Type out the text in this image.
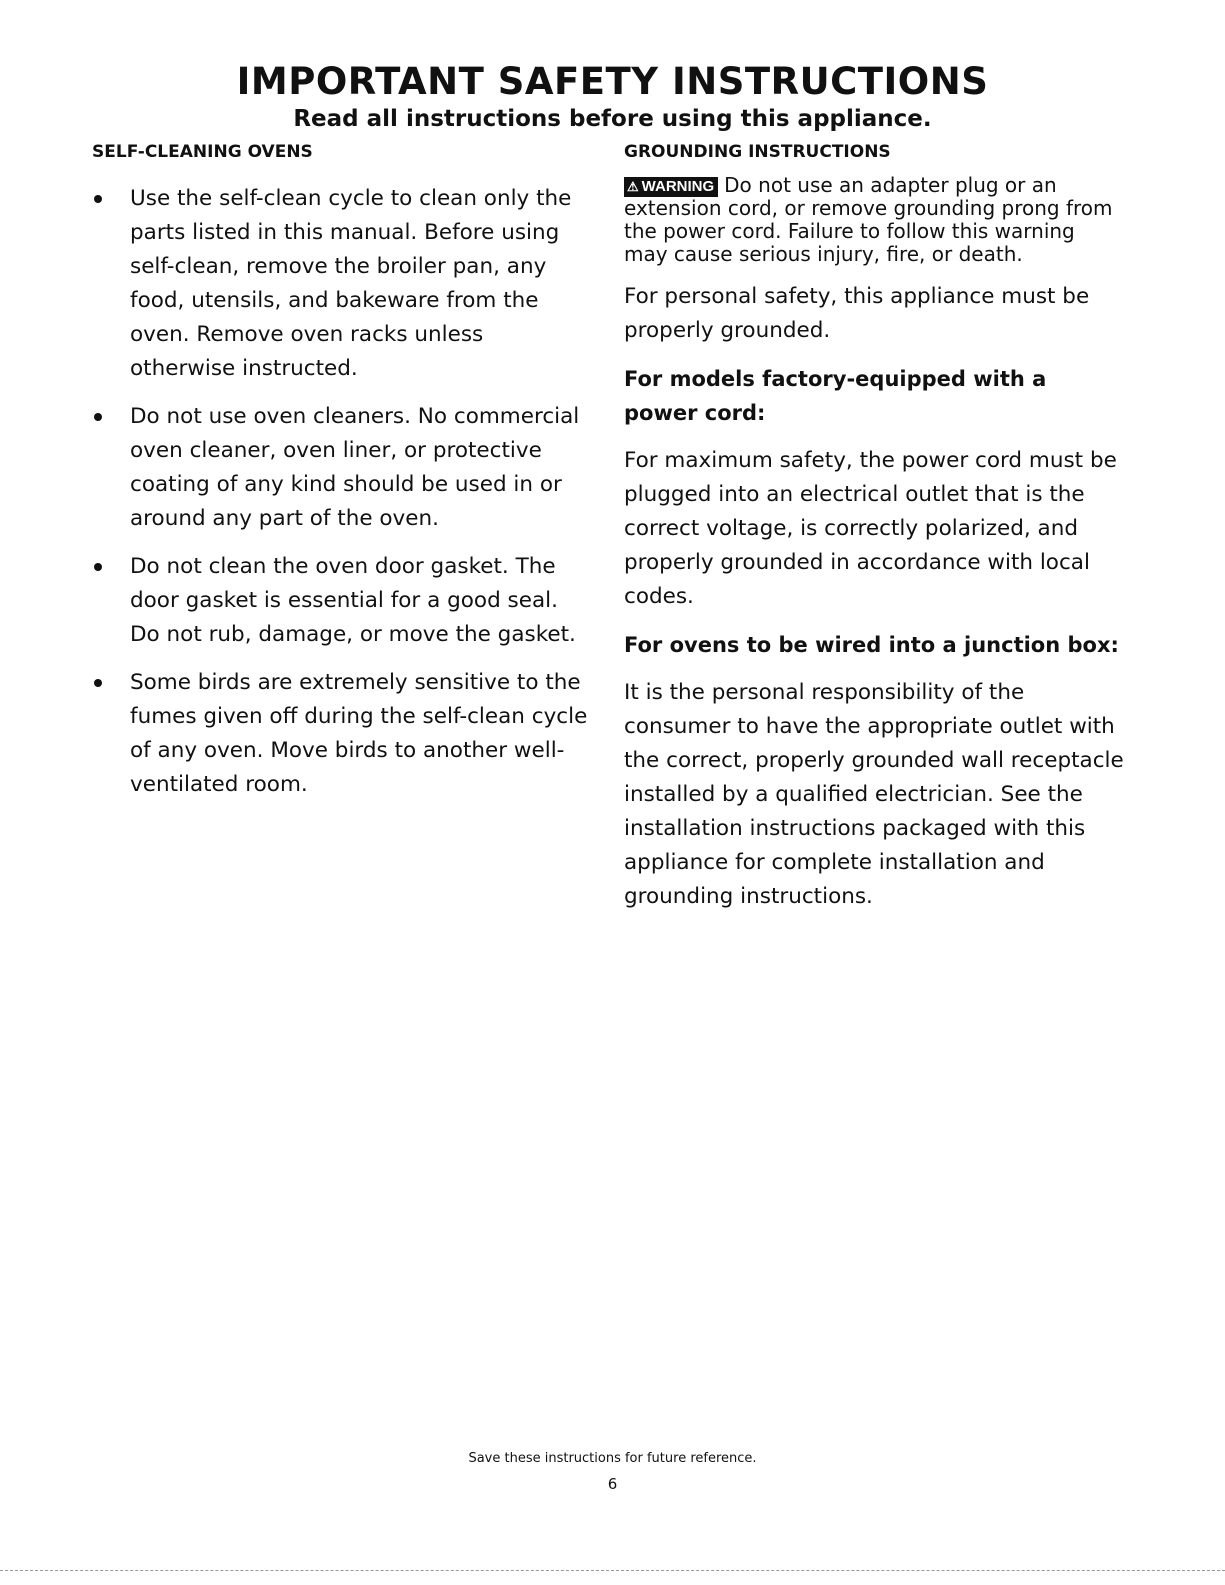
IMPORTANT SAFETY INSTRUCTIONS
Read all instructions before using this appliance.
SELF-CLEANING OVENS
Use the self-clean cycle to clean only the parts listed in this manual. Before using self-clean, remove the broiler pan, any food, utensils, and bakeware from the oven. Remove oven racks unless otherwise instructed.
Do not use oven cleaners. No commercial oven cleaner, oven liner, or protective coating of any kind should be used in or around any part of the oven.
Do not clean the oven door gasket. The door gasket is essential for a good seal. Do not rub, damage, or move the gasket.
Some birds are extremely sensitive to the fumes given off during the self-clean cycle of any oven. Move birds to another well-ventilated room.
GROUNDING INSTRUCTIONS
⚠ WARNING Do not use an adapter plug or an extension cord, or remove grounding prong from the power cord. Failure to follow this warning may cause serious injury, fire, or death.

For personal safety, this appliance must be properly grounded.

For models factory-equipped with a power cord:

For maximum safety, the power cord must be plugged into an electrical outlet that is the correct voltage, is correctly polarized, and properly grounded in accordance with local codes.

For ovens to be wired into a junction box:

It is the personal responsibility of the consumer to have the appropriate outlet with the correct, properly grounded wall receptacle installed by a qualified electrician. See the installation instructions packaged with this appliance for complete installation and grounding instructions.

Save these instructions for future reference.
6
